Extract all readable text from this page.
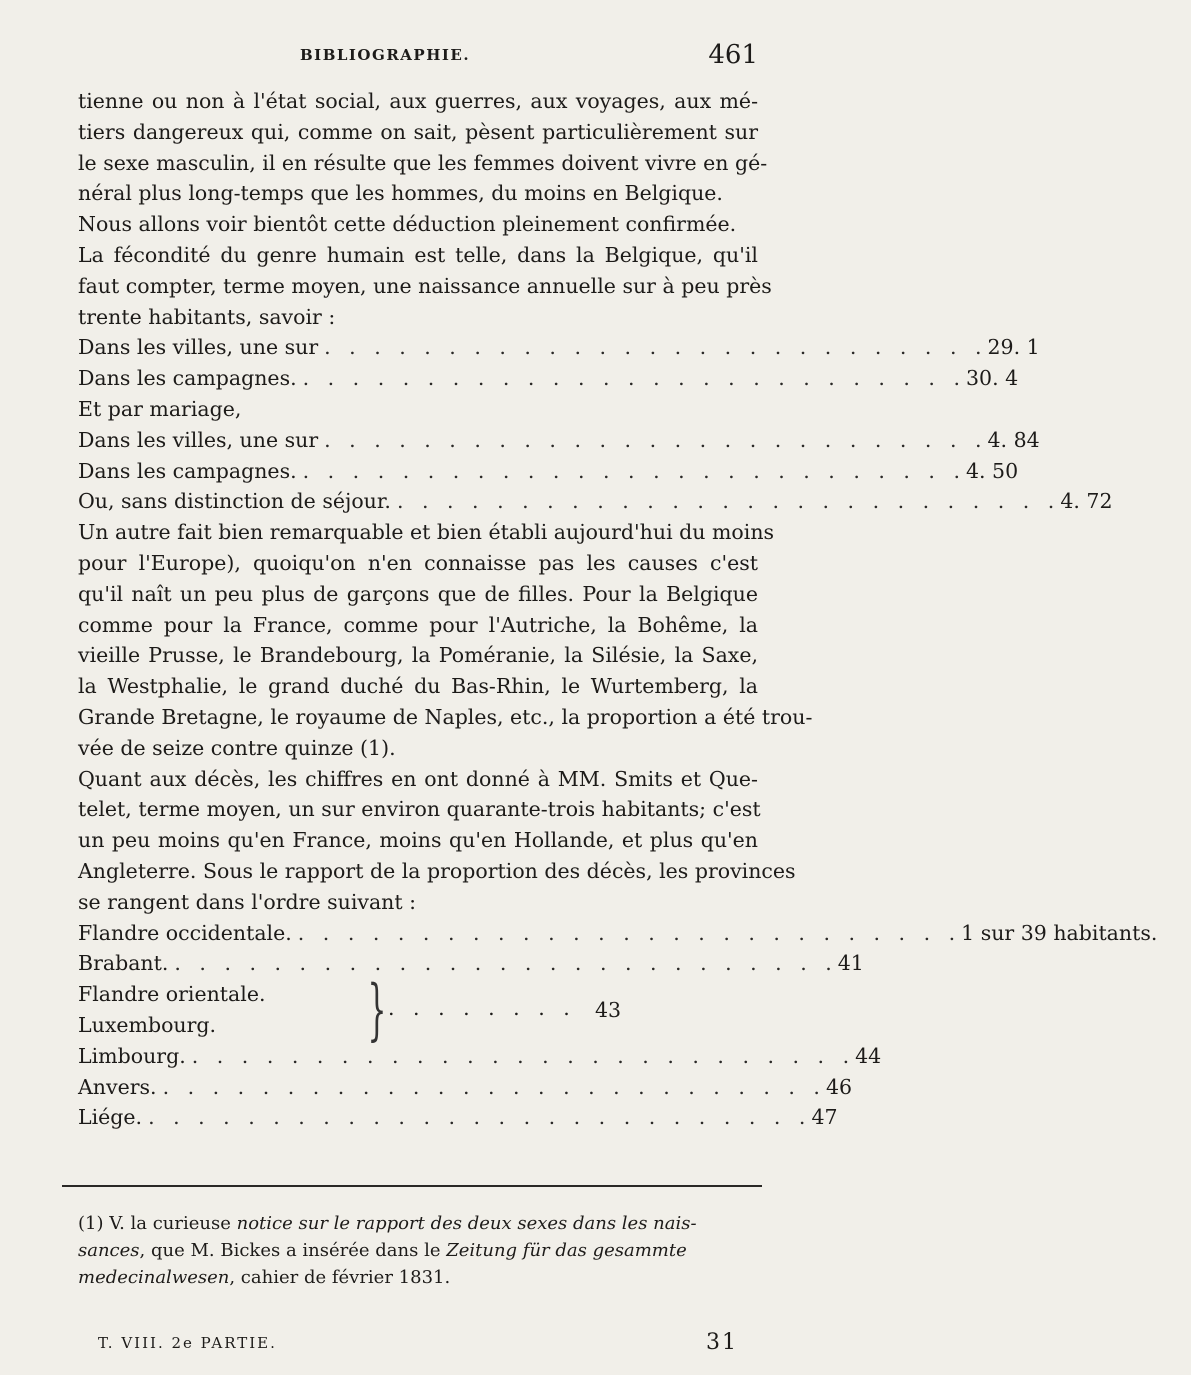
BIBLIOGRAPHIE.	461
tienne ou non à l'état social, aux guerres, aux voyages, aux mé-
tiers dangereux qui, comme on sait, pèsent particulièrement sur
le sexe masculin, il en résulte que les femmes doivent vivre en gé-
néral plus long-temps que les hommes, du moins en Belgique.
Nous allons voir bientôt cette déduction pleinement confirmée.
La fécondité du genre humain est telle, dans la Belgique, qu'il
faut compter, terme moyen, une naissance annuelle sur à peu près
trente habitants, savoir :
Dans les villes, une sur . . . . . . . . . . . . . . . . . . . . . . . . . . . 29. 1
Dans les campagnes. . . . . . . . . . . . . . . . . . . . . . . . . . . . 30. 4
Et par mariage,
Dans les villes, une sur . . . . . . . . . . . . . . . . . . . . . . . . . . . 4. 84
Dans les campagnes. . . . . . . . . . . . . . . . . . . . . . . . . . . . 4. 50
Ou, sans distinction de séjour. . . . . . . . . . . . . . . . . . . . . . . . . . . . 4. 72
Un autre fait bien remarquable et bien établi aujourd'hui du moins
pour l'Europe), quoiqu'on n'en connaisse pas les causes c'est
qu'il naît un peu plus de garçons que de filles. Pour la Belgique
comme pour la France, comme pour l'Autriche, la Bohême, la
vieille Prusse, le Brandebourg, la Poméranie, la Silésie, la Saxe,
la Westphalie, le grand duché du Bas-Rhin, le Wurtemberg, la
Grande Bretagne, le royaume de Naples, etc., la proportion a été trou-
vée de seize contre quinze (1).
Quant aux décès, les chiffres en ont donné à MM. Smits et Que-
telet, terme moyen, un sur environ quarante-trois habitants; c'est
un peu moins qu'en France, moins qu'en Hollande, et plus qu'en
Angleterre. Sous le rapport de la proportion des décès, les provinces
se rangent dans l'ordre suivant :
Flandre occidentale. . . . . . . . . . . . . . . . . . . . . . . . . . . . 1 sur 39 habitants.
Brabant. . . . . . . . . . . . . . . . . . . . . . . . . . . . 41
Flandre orientale.
Luxembourg. } . . . . . . . . 43
Limbourg. . . . . . . . . . . . . . . . . . . . . . . . . . . . 44
Anvers. . . . . . . . . . . . . . . . . . . . . . . . . . . . 46
Liége. . . . . . . . . . . . . . . . . . . . . . . . . . . . 47
(1) V. la curieuse notice sur le rapport des deux sexes dans les nais-
sances, que M. Bickes a insérée dans le Zeitung für das gesammte
medecinalwesen, cahier de février 1831.
T. VIII. 2e PARTIE.	31
